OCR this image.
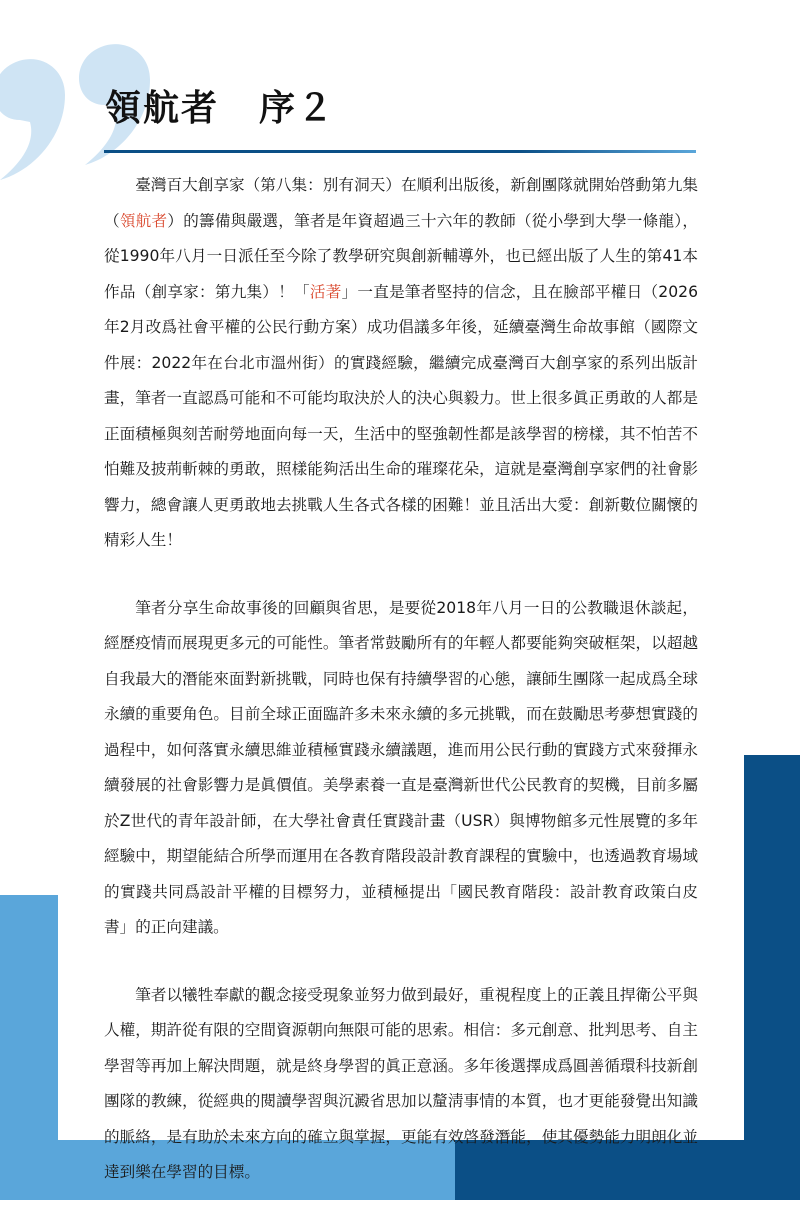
領航者 序２

臺灣百大創享家（第八集：別有洞天）在順利出版後，新創團隊就開始啓動第九集（領航者）的籌備與嚴選，筆者是年資超過三十六年的教師（從小學到大學一條龍），從1990年八月一日派任至今除了教學研究與創新輔導外，也已經出版了人生的第41本作品（創享家：第九集）！「活著」一直是筆者堅持的信念，且在臉部平權日（2026年2月改爲社會平權的公民行動方案）成功倡議多年後，延續臺灣生命故事館（國際文件展：2022年在台北市溫州街）的實踐經驗，繼續完成臺灣百大創享家的系列出版計畫，筆者一直認爲可能和不可能均取決於人的決心與毅力。世上很多眞正勇敢的人都是正面積極與刻苦耐勞地面向每一天，生活中的堅強韌性都是該學習的榜樣，其不怕苦不怕難及披荊斬棘的勇敢，照樣能夠活出生命的璀璨花朵，這就是臺灣創享家們的社會影響力，總會讓人更勇敢地去挑戰人生各式各樣的困難！並且活出大愛：創新數位關懷的精彩人生！

筆者分享生命故事後的回顧與省思，是要從2018年八月一日的公教職退休談起，經歷疫情而展現更多元的可能性。筆者常鼓勵所有的年輕人都要能夠突破框架，以超越自我最大的潛能來面對新挑戰，同時也保有持續學習的心態，讓師生團隊一起成爲全球永續的重要角色。目前全球正面臨許多未來永續的多元挑戰，而在鼓勵思考夢想實踐的過程中，如何落實永續思維並積極實踐永續議題，進而用公民行動的實踐方式來發揮永續發展的社會影響力是眞價值。美學素養一直是臺灣新世代公民教育的契機，目前多屬於Z世代的青年設計師，在大學社會責任實踐計畫（USR）與博物館多元性展覽的多年經驗中，期望能結合所學而運用在各教育階段設計教育課程的實驗中，也透過教育場域的實踐共同爲設計平權的目標努力，並積極提出「國民教育階段：設計教育政策白皮書」的正向建議。

筆者以犧牲奉獻的觀念接受現象並努力做到最好，重視程度上的正義且捍衛公平與人權，期許從有限的空間資源朝向無限可能的思索。相信：多元創意、批判思考、自主學習等再加上解決問題，就是終身學習的眞正意涵。多年後選擇成爲圓善循環科技新創團隊的教練，從經典的閱讀學習與沉澱省思加以釐淸事情的本質，也才更能發覺出知識的脈絡，是有助於未來方向的確立與掌握，更能有效啓發潛能，使其優勢能力明朗化並達到樂在學習的目標。
